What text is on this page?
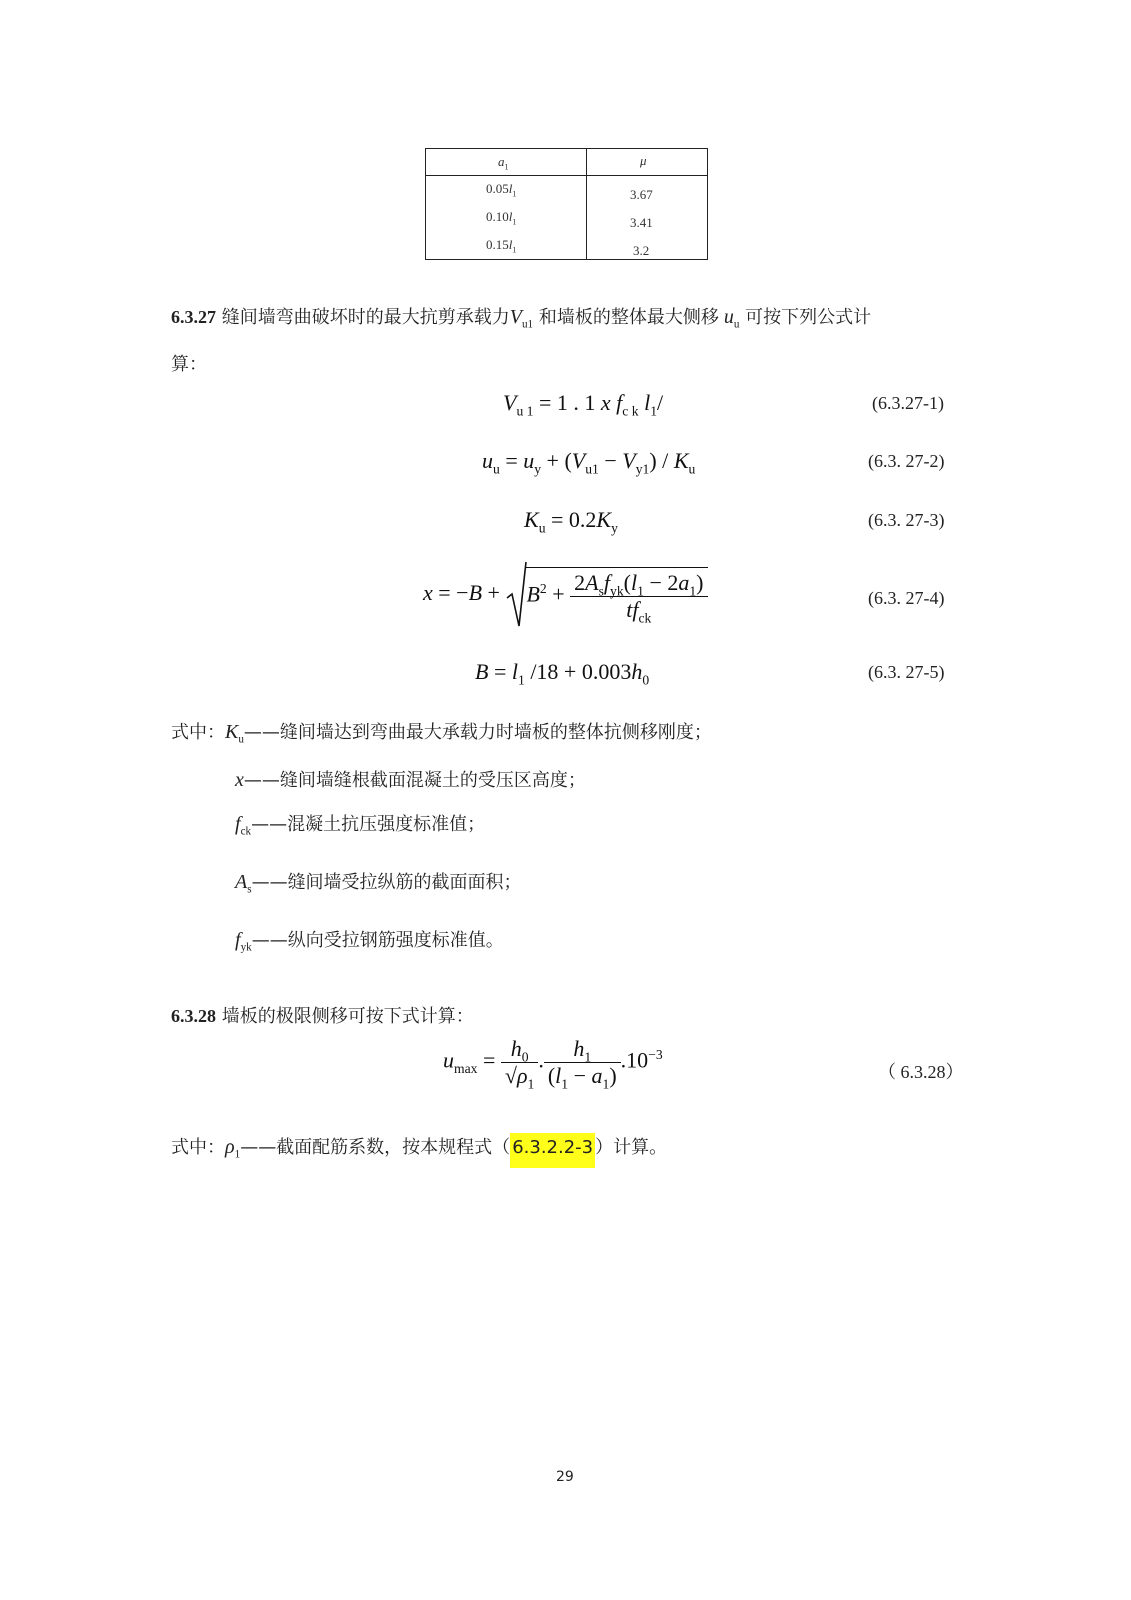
$a_1$	μ
$0.05l_1$	3.67
$0.10l_1$	3.41
$0.15l_1$	3.2
6.3.27 缝间墙弯曲破坏时的最大抗剪承载力$V_{u1}$ 和墙板的整体最大侧移 $u_u$ 可按下列公式计
算：
$V_{u 1} = 1$ . 1 x $f_{c k}$ $l_1/$	(6.3.27-1)
$u_u = u_y + (V_{u1} - V_{y1}) / K_u$	(6.3. 27-2)
$K_u = 0.2K_y$	(6.3. 27-3)
$x = -B + B^2 + \frac{2A_sf_{yk}(l_1 - 2a_1)}{tf_{ck}}$	(6.3. 27-4)
$B = l_1$ $/18 + 0.003h_0$	(6.3. 27-5)
式中：$K_u——$缝间墙达到弯曲最大承载力时墙板的整体抗侧移刚度；
x——缝间墙缝根截面混凝土的受压区高度；
$f_{ck}——$混凝土抗压强度标准值；
$A_s——$缝间墙受拉纵筋的截面面积；
$f_{yk}——$纵向受拉钢筋强度标准值。
6.3.28 墙板的极限侧移可按下式计算：
$u_{max} = \frac{h_0}{√\rho_1}$ . $\frac{h_1}{(l_1 - a_1)} .10^{-3}$
（ 6.3.28）
式中：$\rho_1——$截面配筋系数，按本规程式（ 6.3.2.2-3 ）计算。
29
